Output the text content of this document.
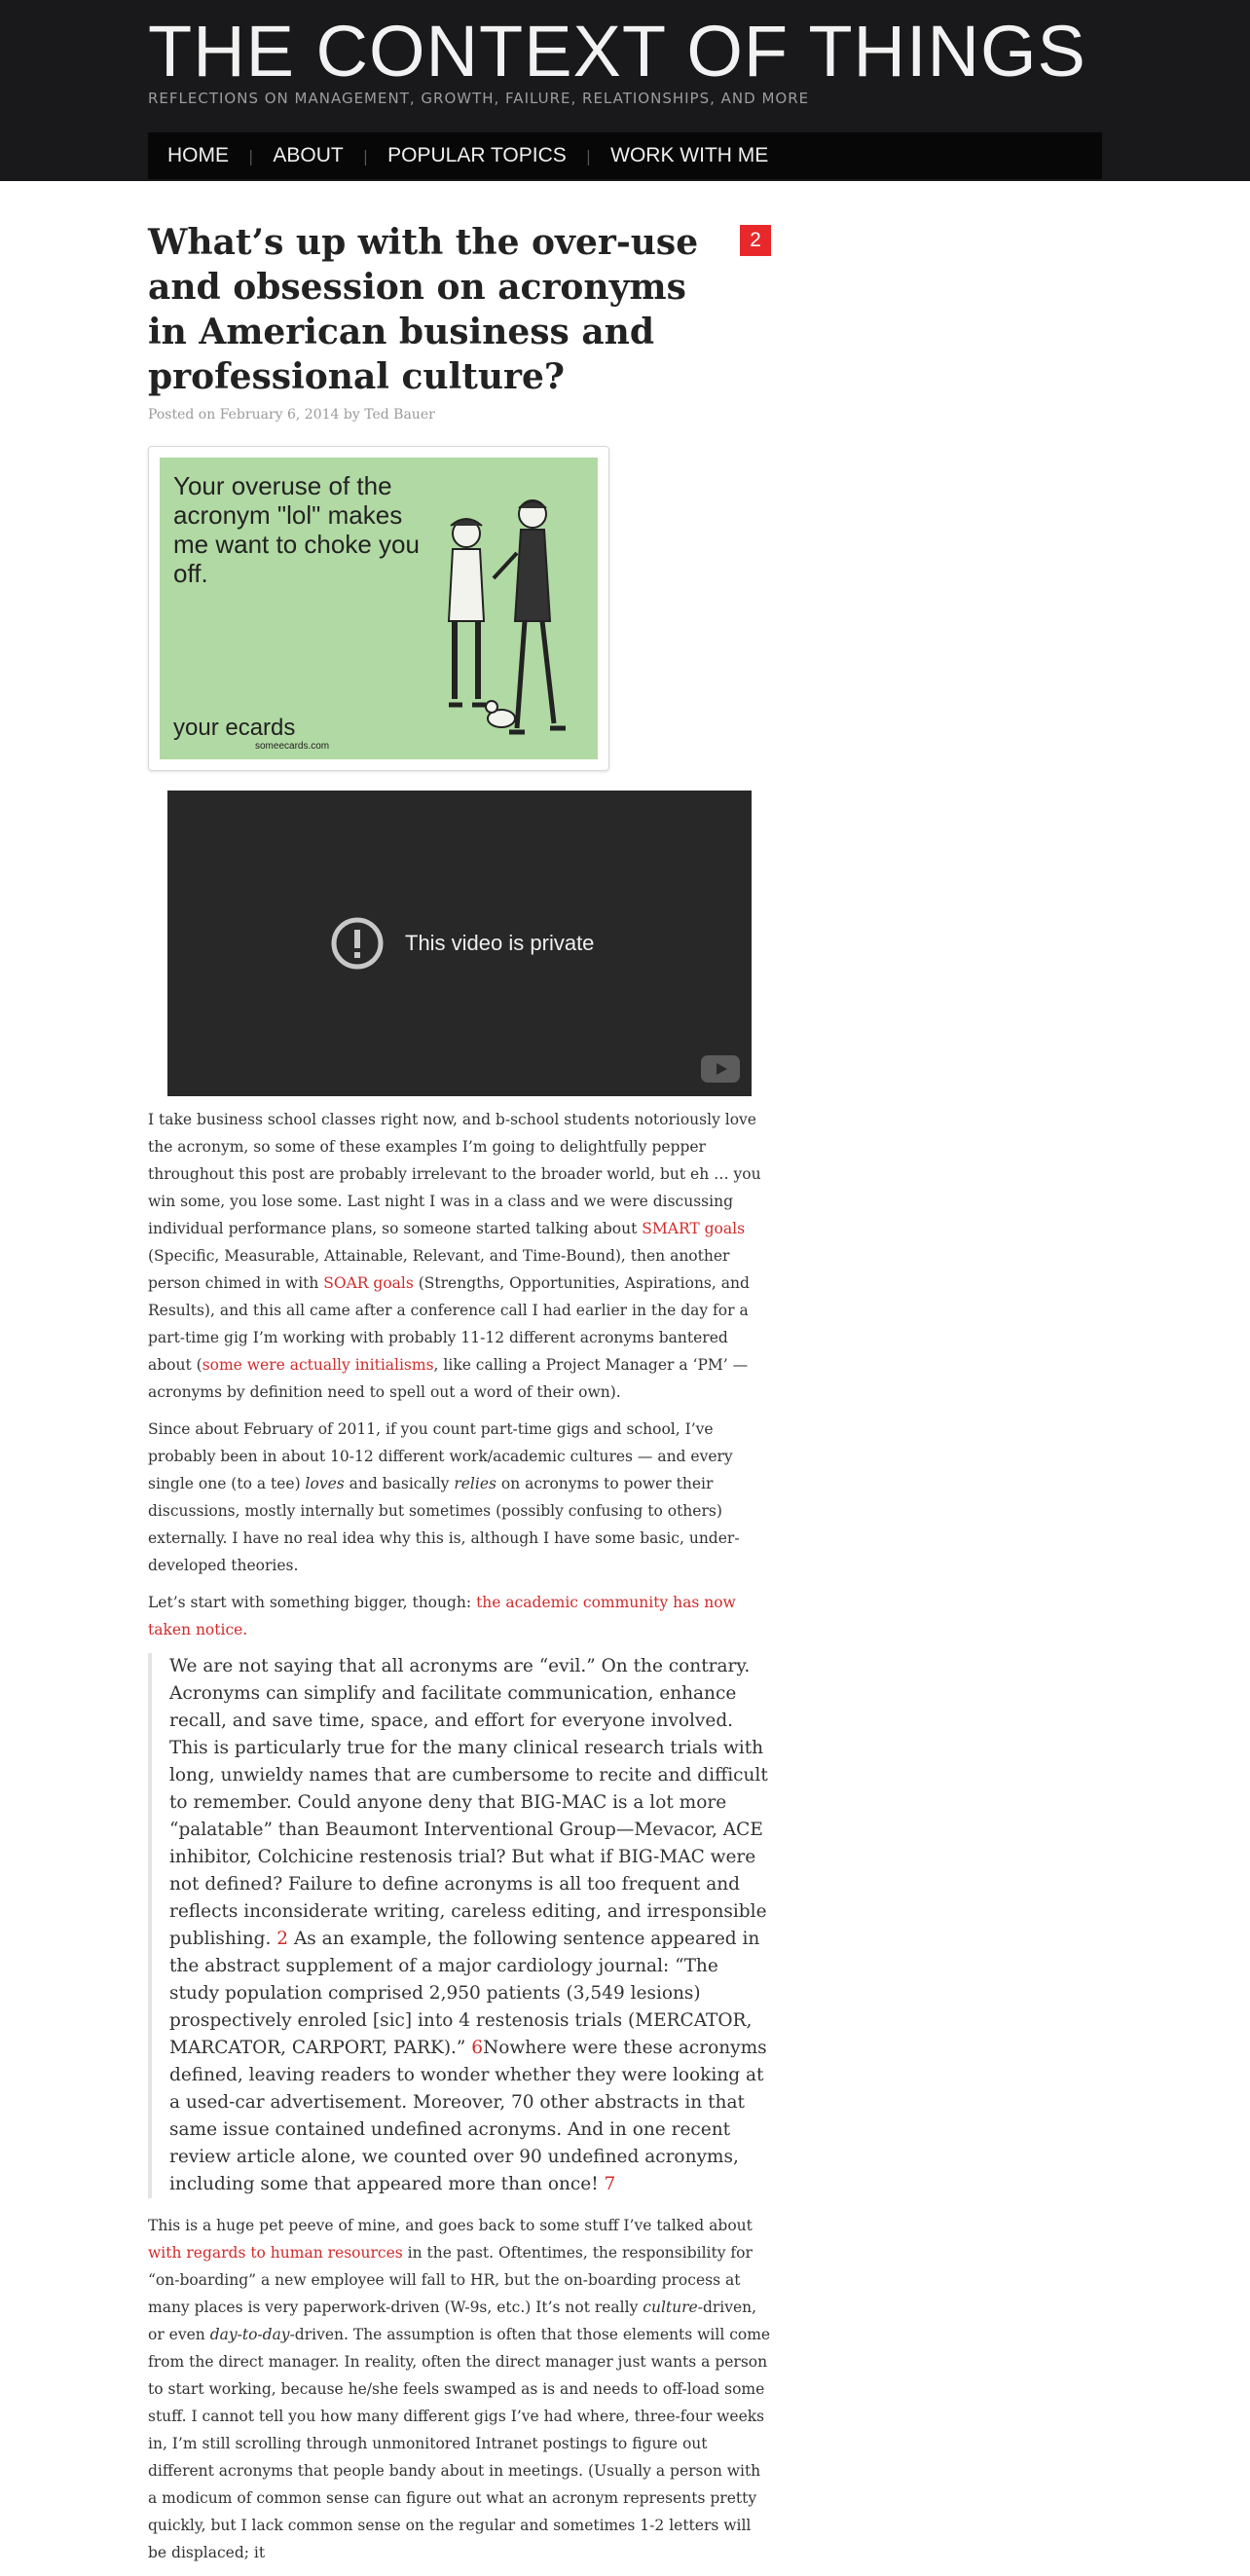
THE CONTEXT OF THINGS
REFLECTIONS ON MANAGEMENT, GROWTH, FAILURE, RELATIONSHIPS, AND MORE
HOME	| ABOUT	| POPULAR TOPICS	| WORK WITH ME
What’s up with the over-use and obsession on acronyms in American business and professional culture?
2
Posted on February 6, 2014 by Ted Bauer
Your overuse of the acronym "lol" makes me want to choke you off.
your ecards
someecards.com
This video is private

I take business school classes right now, and b-school students notoriously love the acronym, so some of these examples I’m going to delightfully pepper throughout this post are probably irrelevant to the broader world, but eh … you win some, you lose some. Last night I was in a class and we were discussing individual performance plans, so someone started talking about SMART goals (Specific, Measurable, Attainable, Relevant, and Time-Bound), then another person chimed in with SOAR goals (Strengths, Opportunities, Aspirations, and Results), and this all came after a conference call I had earlier in the day for a part-time gig I’m working with probably 11-12 different acronyms bantered about (some were actually initialisms, like calling a Project Manager a ‘PM’ — acronyms by definition need to spell out a word of their own).

Since about February of 2011, if you count part-time gigs and school, I’ve probably been in about 10-12 different work/academic cultures — and every single one (to a tee) loves and basically relies on acronyms to power their discussions, mostly internally but sometimes (possibly confusing to others) externally. I have no real idea why this is, although I have some basic, under-developed theories.

Let’s start with something bigger, though: the academic community has now taken notice.

We are not saying that all acronyms are “evil.” On the contrary. Acronyms can simplify and facilitate communication, enhance recall, and save time, space, and effort for everyone involved. This is particularly true for the many clinical research trials with long, unwieldy names that are cumbersome to recite and difficult to remember. Could anyone deny that BIG-MAC is a lot more “palatable” than Beaumont Interventional Group—Mevacor, ACE inhibitor, Colchicine restenosis trial? But what if BIG-MAC were not defined? Failure to define acronyms is all too frequent and reflects inconsiderate writing, careless editing, and irresponsible publishing. 2 As an example, the following sentence appeared in the abstract supplement of a major cardiology journal: “The study population comprised 2,950 patients (3,549 lesions) prospectively enroled [sic] into 4 restenosis trials (MERCATOR, MARCATOR, CARPORT, PARK).” 6Nowhere were these acronyms defined, leaving readers to wonder whether they were looking at a used-car advertisement. Moreover, 70 other abstracts in that same issue contained undefined acronyms. And in one recent review article alone, we counted over 90 undefined acronyms, including some that appeared more than once! 7

This is a huge pet peeve of mine, and goes back to some stuff I’ve talked about with regards to human resources in the past. Oftentimes, the responsibility for “on-boarding” a new employee will fall to HR, but the on-boarding process at many places is very paperwork-driven (W-9s, etc.) It’s not really culture-driven, or even day-to-day-driven. The assumption is often that those elements will come from the direct manager. In reality, often the direct manager just wants a person to start working, because he/she feels swamped as is and needs to off-load some stuff. I cannot tell you how many different gigs I’ve had where, three-four weeks in, I’m still scrolling through unmonitored Intranet postings to figure out different acronyms that people bandy about in meetings. (Usually a person with a modicum of common sense can figure out what an acronym represents pretty quickly, but I lack common sense on the regular and sometimes 1-2 letters will be displaced; it
